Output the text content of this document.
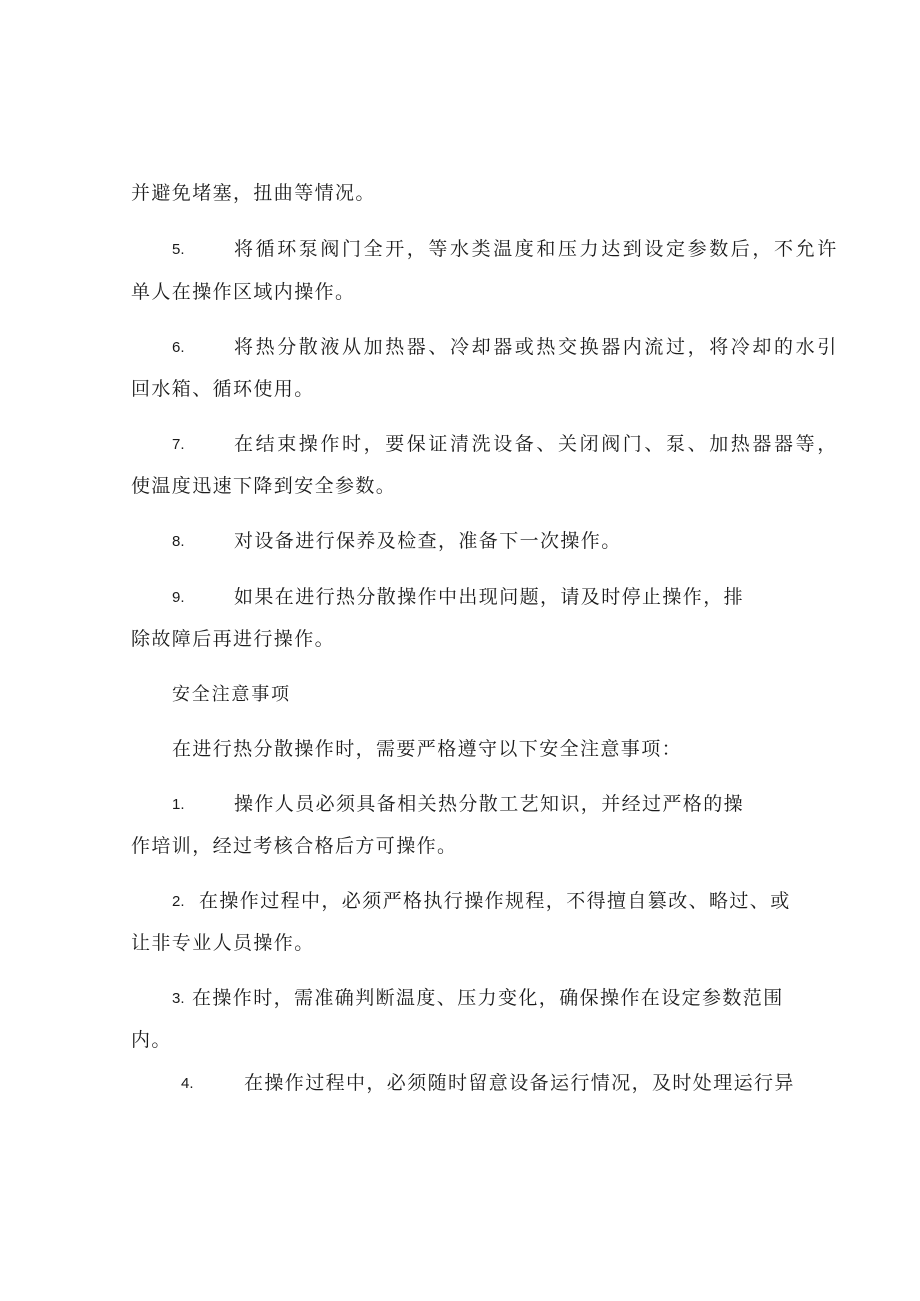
并避免堵塞，扭曲等情况。
5.	将循环泵阀门全开，等水类温度和压力达到设定参数后，不允许
单人在操作区域内操作。
6.	将热分散液从加热器、冷却器或热交换器内流过，将冷却的水引
回水箱、循环使用。
7.	在结束操作时，要保证清洗设备、关闭阀门、泵、加热器器等，
使温度迅速下降到安全参数。
8.	对设备进行保养及检查，准备下一次操作。
9.	如果在进行热分散操作中出现问题，请及时停止操作，排
除故障后再进行操作。
安全注意事项
在进行热分散操作时，需要严格遵守以下安全注意事项：
1.	操作人员必须具备相关热分散工艺知识，并经过严格的操
作培训，经过考核合格后方可操作。
2. 在操作过程中，必须严格执行操作规程，不得擅自篡改、略过、或
让非专业人员操作。
3. 在操作时，需准确判断温度、压力变化，确保操作在设定参数范围
内。
4.	在操作过程中，必须随时留意设备运行情况，及时处理运行异
